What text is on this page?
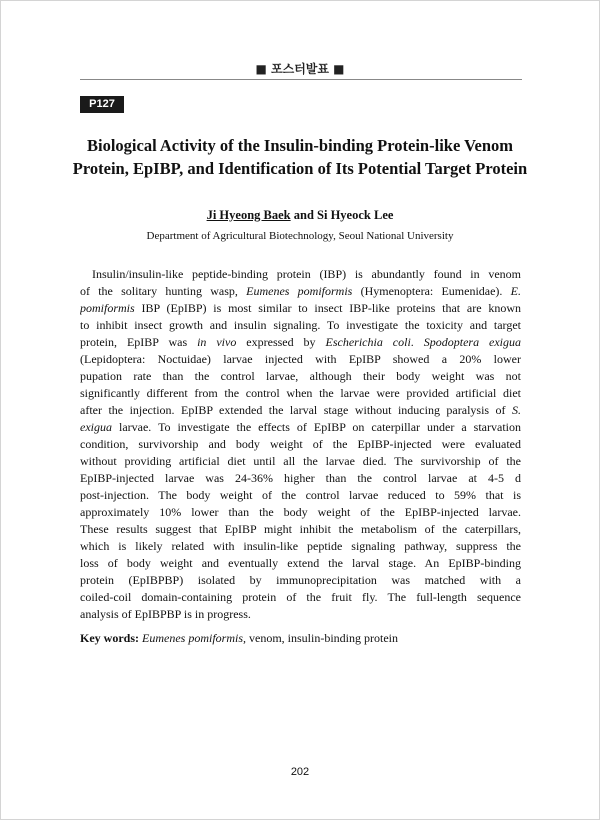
■ 포스터발표 ■
P127
Biological Activity of the Insulin-binding Protein-like Venom
Protein, EpIBP, and Identification of Its Potential Target Protein
Ji Hyeong Baek and Si Hyeock Lee
Department of Agricultural Biotechnology, Seoul National University
Insulin/insulin-like peptide-binding protein (IBP) is abundantly found in venom
of the solitary hunting wasp, Eumenes pomiformis (Hymenoptera: Eumenidae). E.
pomiformis IBP (EpIBP) is most similar to insect IBP-like proteins that are known
to inhibit insect growth and insulin signaling. To investigate the toxicity and target
protein, EpIBP was in vivo expressed by Escherichia coli. Spodoptera exigua
(Lepidoptera: Noctuidae) larvae injected with EpIBP showed a 20% lower
pupation rate than the control larvae, although their body weight was not
significantly different from the control when the larvae were provided artificial diet
after the injection. EpIBP extended the larval stage without inducing paralysis of S.
exigua larvae. To investigate the effects of EpIBP on caterpillar under a starvation
condition, survivorship and body weight of the EpIBP-injected were evaluated
without providing artificial diet until all the larvae died. The survivorship of the
EpIBP-injected larvae was 24-36% higher than the control larvae at 4-5 d
post-injection. The body weight of the control larvae reduced to 59% that is
approximately 10% lower than the body weight of the EpIBP-injected larvae.
These results suggest that EpIBP might inhibit the metabolism of the caterpillars,
which is likely related with insulin-like peptide signaling pathway, suppress the
loss of body weight and eventually extend the larval stage. An EpIBP-binding
protein (EpIBPBP) isolated by immunoprecipitation was matched with a
coiled-coil domain-containing protein of the fruit fly. The full-length sequence
analysis of EpIBPBP is in progress.
Key words: Eumenes pomiformis, venom, insulin-binding protein
202
